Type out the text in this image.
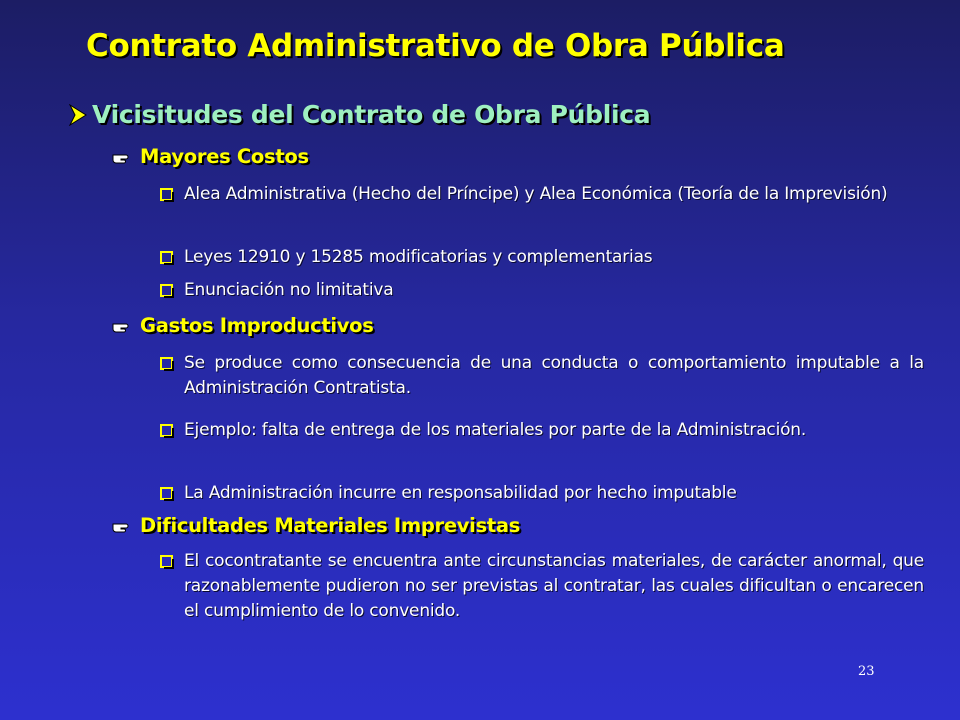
Contrato Administrativo de Obra Pública
Vicisitudes del Contrato de Obra Pública
Mayores Costos
Alea Administrativa (Hecho del Príncipe) y Alea Económica (Teoría de la Imprevisión)
Leyes 12910 y 15285 modificatorias y complementarias
Enunciación no limitativa
Gastos Improductivos
Se produce como consecuencia de una conducta o comportamiento imputable a la Administración Contratista.
Ejemplo: falta de entrega de los materiales por parte de la Administración.
La Administración incurre en responsabilidad por hecho imputable
Dificultades Materiales Imprevistas
El cocontratante se encuentra ante circunstancias materiales, de carácter anormal, que razonablemente pudieron no ser previstas al contratar, las cuales dificultan o encarecen el cumplimiento de lo convenido.
23
